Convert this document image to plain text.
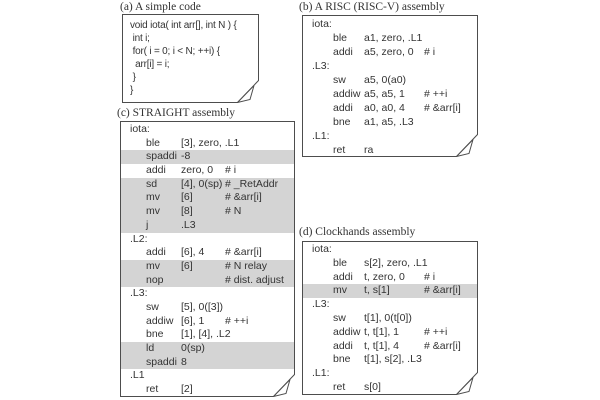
(a) A simple code
void iota( int arr[], int N ) {
int i;
for( i = 0; i < N; ++i) {
arr[i] = i;
}
}
(b) A RISC (RISC-V) assembly
iota:
ble	a1, zero, .L1
addi	a5, zero, 0 # i
.L3:
sw	a5, 0(a0)
addiw a5, a5, 1	# ++i
addi	a0, a0, 4	# &arr[i]
bne	a1, a5, .L3
.L1:
ret	ra
(c) STRAIGHT assembly
iota:
ble	[3], zero, .L1
spaddi -8
addi	zero, 0	# i
sd	[4], 0(sp) # _RetAddr
mv	[6]	# &arr[i]
mv	[8]	# N
j	.L3
.L2:
addi	[6], 4	# &arr[i]
mv	[6]	# N relay
nop	# dist. adjust
.L3:
sw	[5], 0([3])
addiw [6], 1	# ++i
bne	[1], [4], .L2
ld	0(sp)
spaddi 8
.L1
ret	[2]
(d) Clockhands assembly
iota:
ble	s[2], zero, .L1
addi	t, zero, 0	# i
mv	t, s[1]	# &arr[i]
.L3:
sw	t[1], 0(t[0])
addiw t, t[1], 1	# ++i
addi	t, t[1], 4	# &arr[i]
bne	t[1], s[2], .L3
.L1:
ret	s[0]
